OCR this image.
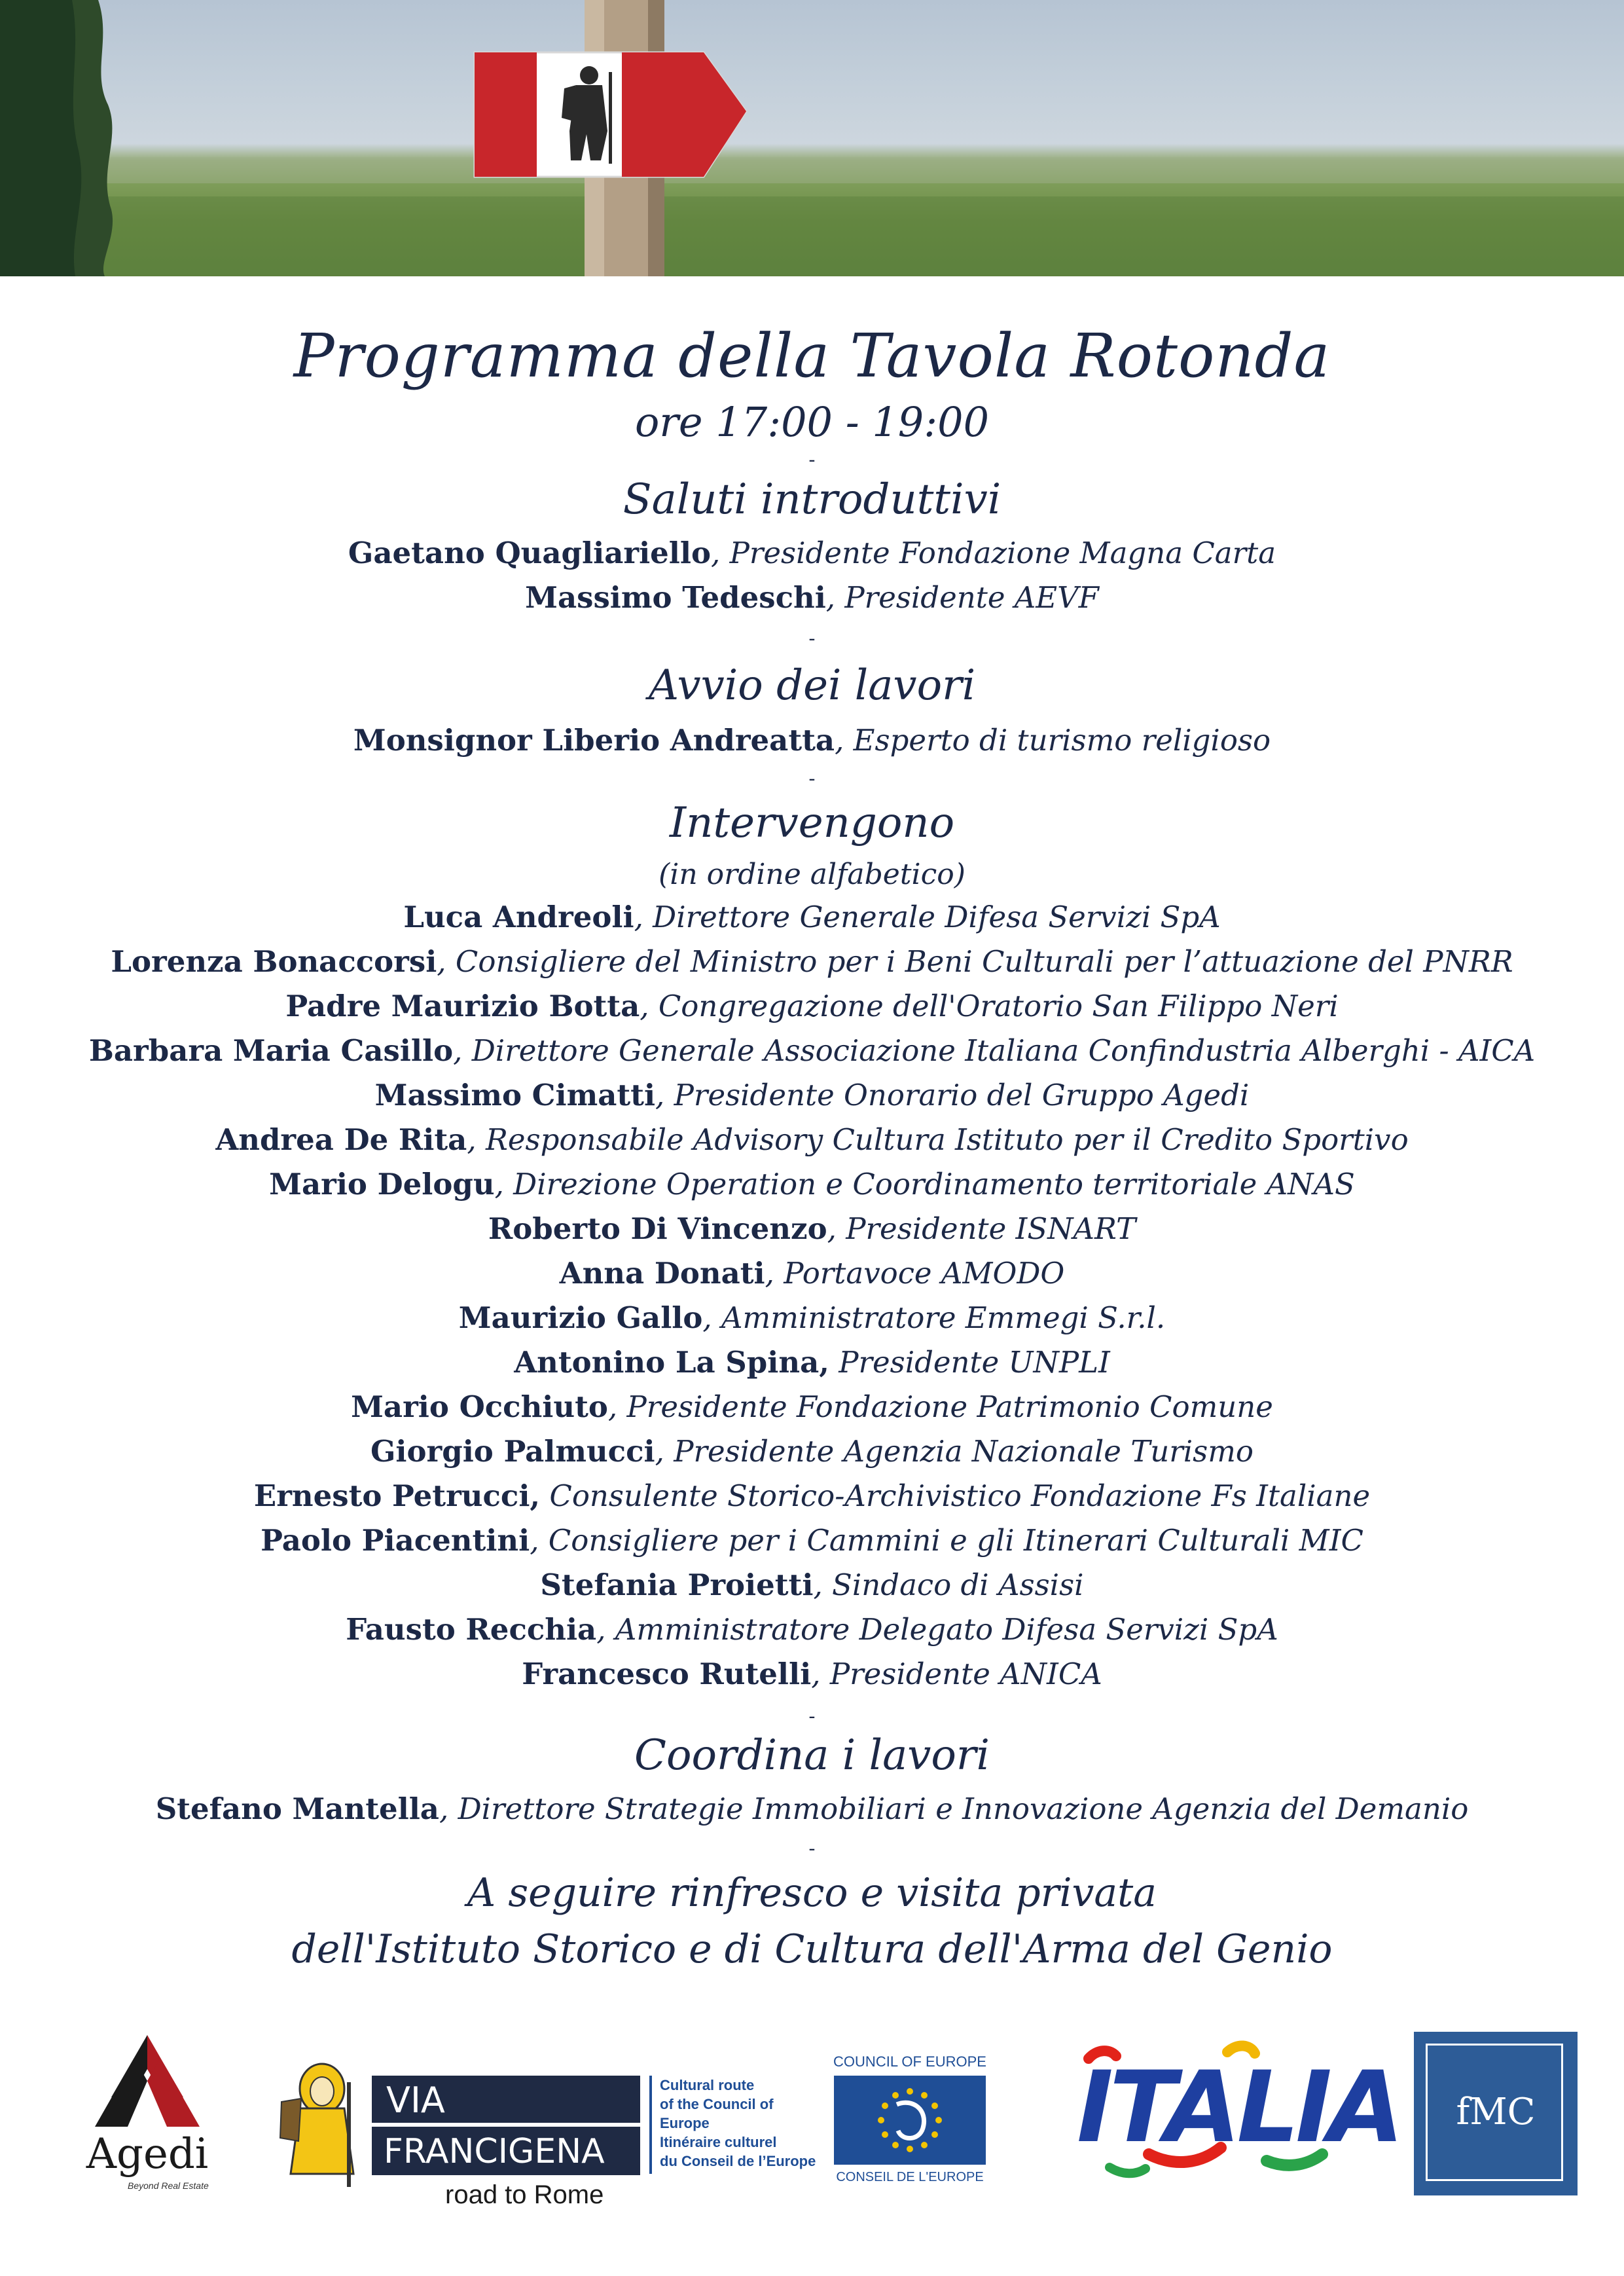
Programma della Tavola Rotonda
ore 17:00 - 19:00
-
Saluti introduttivi
Gaetano Quagliariello, Presidente Fondazione Magna Carta
Massimo Tedeschi, Presidente AEVF
-
Avvio dei lavori
Monsignor Liberio Andreatta, Esperto di turismo religioso
-
Intervengono
(in ordine alfabetico)
Luca Andreoli, Direttore Generale Difesa Servizi SpA
Lorenza Bonaccorsi, Consigliere del Ministro per i Beni Culturali per l’attuazione del PNRR
Padre Maurizio Botta, Congregazione dell'Oratorio San Filippo Neri
Barbara Maria Casillo, Direttore Generale Associazione Italiana Confindustria Alberghi - AICA
Massimo Cimatti, Presidente Onorario del Gruppo Agedi
Andrea De Rita, Responsabile Advisory Cultura Istituto per il Credito Sportivo
Mario Delogu, Direzione Operation e Coordinamento territoriale ANAS
Roberto Di Vincenzo, Presidente ISNART
Anna Donati, Portavoce AMODO
Maurizio Gallo, Amministratore Emmegi S.r.l.
Antonino La Spina, Presidente UNPLI
Mario Occhiuto, Presidente Fondazione Patrimonio Comune
Giorgio Palmucci, Presidente Agenzia Nazionale Turismo
Ernesto Petrucci, Consulente Storico-Archivistico Fondazione Fs Italiane
Paolo Piacentini, Consigliere per i Cammini e gli Itinerari Culturali MIC
Stefania Proietti, Sindaco di Assisi
Fausto Recchia, Amministratore Delegato Difesa Servizi SpA
Francesco Rutelli, Presidente ANICA
-
Coordina i lavori
Stefano Mantella, Direttore Strategie Immobiliari e Innovazione Agenzia del Demanio
-
A seguire rinfresco e visita privata
dell'Istituto Storico e di Cultura dell'Arma del Genio
Agedi
Beyond Real Estate
VIA
FRANCIGENA
road to Rome
Cultural route
of the Council of Europe
Itinéraire culturel
du Conseil de l’Europe
COUNCIL OF EUROPE
CONSEIL DE L'EUROPE
ITALIA	fMC
